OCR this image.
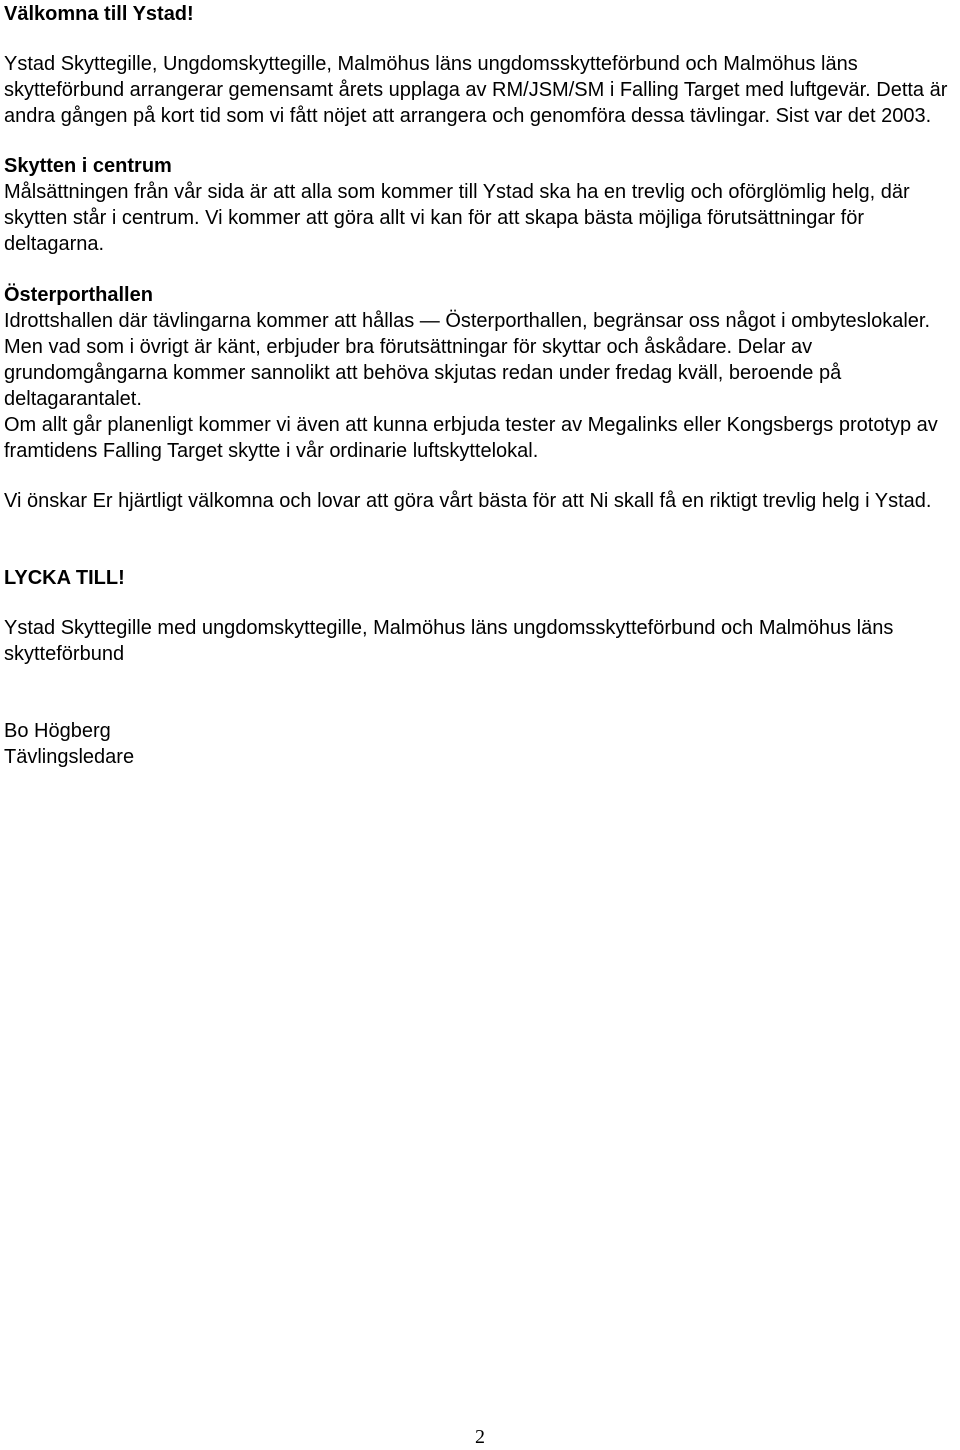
Välkomna till Ystad!

Ystad Skyttegille, Ungdomskyttegille, Malmöhus läns ungdomsskytteförbund och Malmöhus läns skytteförbund arrangerar gemensamt årets upplaga av RM/JSM/SM i Falling Target med luftgevär. Detta är andra gången på kort tid som vi fått nöjet att arrangera och genomföra dessa tävlingar. Sist var det 2003.

Skytten i centrum

Målsättningen från vår sida är att alla som kommer till Ystad ska ha en trevlig och oförglömlig helg, där skytten står i centrum. Vi kommer att göra allt vi kan för att skapa bästa möjliga förutsättningar för deltagarna.

Österporthallen

Idrottshallen där tävlingarna kommer att hållas — Österporthallen, begränsar oss något i ombyteslokaler. Men vad som i övrigt är känt, erbjuder bra förutsättningar för skyttar och åskådare. Delar av grundomgångarna kommer sannolikt att behöva skjutas redan under fredag kväll, beroende på deltagarantalet.

Om allt går planenligt kommer vi även att kunna erbjuda tester av Megalinks eller Kongsbergs prototyp av framtidens Falling Target skytte i vår ordinarie luftskyttelokal.

Vi önskar Er hjärtligt välkomna och lovar att göra vårt bästa för att Ni skall få en riktigt trevlig helg i Ystad.

LYCKA TILL!

Ystad Skyttegille med ungdomskyttegille, Malmöhus läns ungdomsskytteförbund och Malmöhus läns skytteförbund

Bo Högberg

Tävlingsledare

2
